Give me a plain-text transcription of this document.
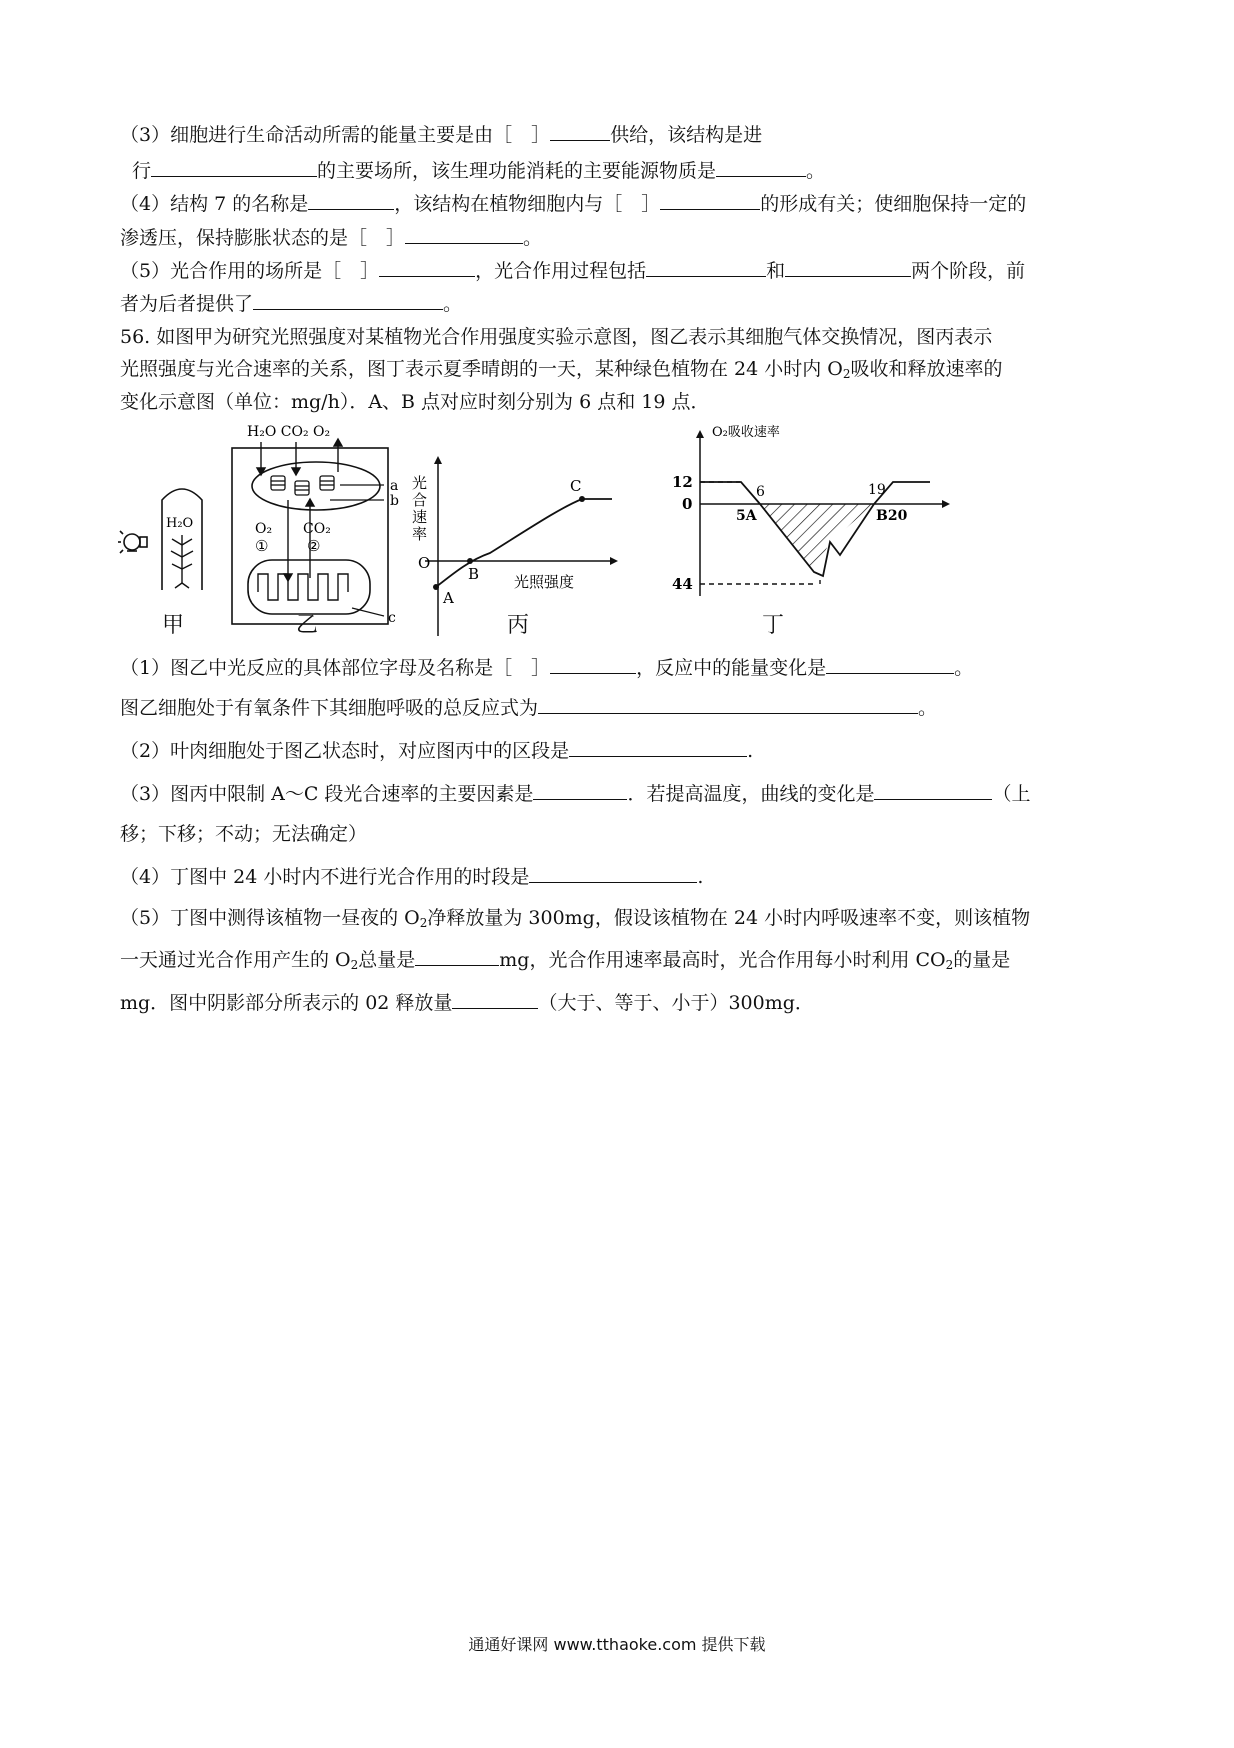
（3）细胞进行生命活动所需的能量主要是由［　］	供给，该结构是进
行	的主要场所，该生理功能消耗的主要能源物质是	。
（4）结构 7 的名称是	，该结构在植物细胞内与［　］	的形成有关；使细胞保持一定的
渗透压，保持膨胀状态的是［　］	。
（5）光合作用的场所是［　］	，光合作用过程包括	和	两个阶段，前
者为后者提供了	。
56. 如图甲为研究光照强度对某植物光合作用强度实验示意图，图乙表示其细胞气体交换情况，图丙表示
光照强度与光合速率的关系，图丁表示夏季晴朗的一天，某种绿色植物在 24 小时内 $O_2$吸收和释放速率的
变化示意图（单位：mg/h）．A、B 点对应时刻分别为 6 点和 19 点．
H₂O
H₂O CO₂ O₂
a
b
O₂ CO₂
①	②
c
光
合
速
率
O
光照强度
A
B
C
O₂吸收速率
12
0
44
6
5A
19
B20
甲	乙	丙	丁
（1）图乙中光反应的具体部位字母及名称是［　］	，反应中的能量变化是	。
图乙细胞处于有氧条件下其细胞呼吸的总反应式为	。
（2）叶肉细胞处于图乙状态时，对应图丙中的区段是	.
（3）图丙中限制 A～C 段光合速率的主要因素是	．若提高温度，曲线的变化是	（上
移；下移；不动；无法确定）
（4）丁图中 24 小时内不进行光合作用的时段是	.
（5）丁图中测得该植物一昼夜的 $O_2$净释放量为 300mg，假设该植物在 24 小时内呼吸速率不变，则该植物
一天通过光合作用产生的 $O_2$总量是	mg，光合作用速率最高时，光合作用每小时利用 $CO_2$的量是
mg．图中阴影部分所表示的 02 释放量	（大于、等于、小于）300mg．
通通好课网 www.tthaoke.com 提供下载
